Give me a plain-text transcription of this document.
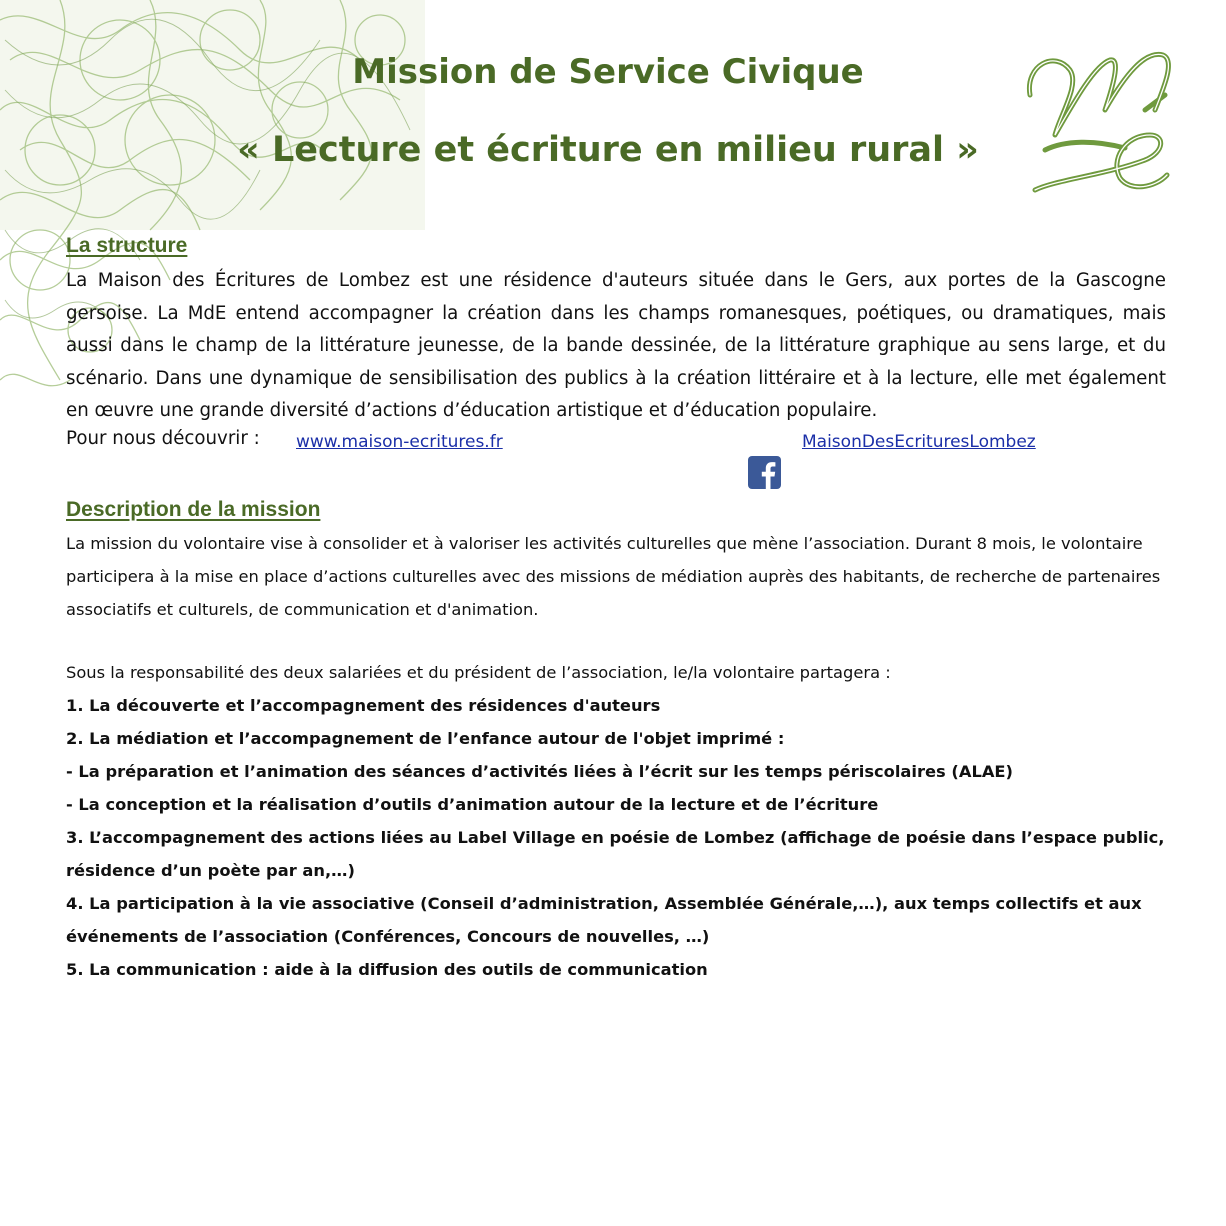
Mission de Service Civique
« Lecture et écriture en milieu rural »
La structure

La Maison des Écritures de Lombez est une résidence d'auteurs située dans le Gers, aux portes de la Gascogne gersoise. La MdE entend accompagner la création dans les champs romanesques, poétiques, ou dramatiques, mais aussi dans le champ de la littérature jeunesse, de la bande dessinée, de la littérature graphique au sens large, et du scénario. Dans une dynamique de sensibilisation des publics à la création littéraire et à la lecture, elle met également en œuvre une grande diversité d’actions d’éducation artistique et d’éducation populaire.

Pour nous découvrir : www.maison-ecritures.fr	MaisonDesEcrituresLombez
Description de la mission

La mission du volontaire vise à consolider et à valoriser les activités culturelles que mène l’association. Durant 8 mois, le volontaire participera à la mise en place d’actions culturelles avec des missions de médiation auprès des habitants, de recherche de partenaires associatifs et culturels, de communication et d'animation.

Sous la responsabilité des deux salariées et du président de l’association, le/la volontaire partagera :
1. La découverte et l’accompagnement des résidences d'auteurs
2. La médiation et l’accompagnement de l’enfance autour de l'objet imprimé :
- La préparation et l’animation des séances d’activités liées à l’écrit sur les temps périscolaires (ALAE)
- La conception et la réalisation d’outils d’animation autour de la lecture et de l’écriture
3. L’accompagnement des actions liées au Label Village en poésie de Lombez (affichage de poésie dans l’espace public, résidence d’un poète par an,…)
4. La participation à la vie associative (Conseil d’administration, Assemblée Générale,…), aux temps collectifs et aux événements de l’association (Conférences, Concours de nouvelles, …)
5. La communication : aide à la diffusion des outils de communication
